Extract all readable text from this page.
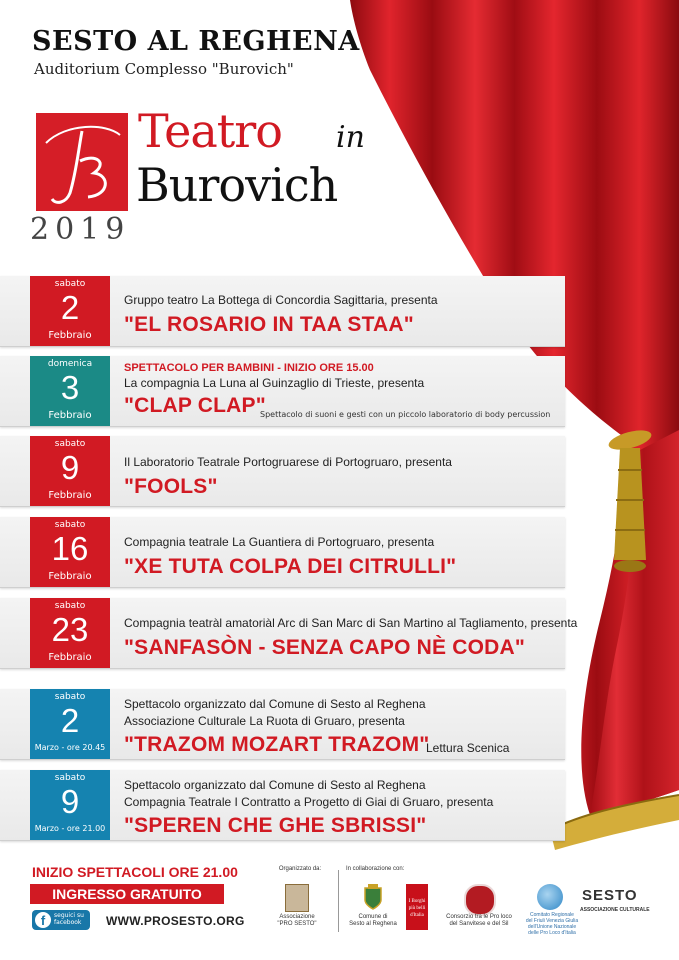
SESTO AL REGHENA
Auditorium Complesso "Burovich"
Teatro in
Burovich
2019
sabato
2
Febbraio
Gruppo teatro La Bottega di Concordia Sagittaria, presenta
"EL ROSARIO IN TAA STAA"
domenica
3
Febbraio
SPETTACOLO PER BAMBINI - INIZIO ORE 15.00
La compagnia La Luna al Guinzaglio di Trieste, presenta
"CLAP CLAP"
Spettacolo di suoni e gesti con un piccolo laboratorio di body percussion
sabato
9
Febbraio
Il Laboratorio Teatrale Portogruarese di Portogruaro, presenta
"FOOLS"
sabato
16
Febbraio
Compagnia teatrale La Guantiera di Portogruaro, presenta
"XE TUTA COLPA DEI CITRULLI"
sabato
23
Febbraio
Compagnia teatràl amatoriàl Arc di San Marc di San Martino al Tagliamento, presenta
"SANFASÒN - SENZA CAPO NÈ CODA"
sabato
2
Marzo - ore 20.45
Spettacolo organizzato dal Comune di Sesto al Reghena
Associazione Culturale La Ruota di Gruaro, presenta
"TRAZOM MOZART TRAZOM"
Lettura Scenica
sabato
9
Marzo - ore 21.00
Spettacolo organizzato dal Comune di Sesto al Reghena
Compagnia Teatrale I Contratto a Progetto di Giai di Gruaro, presenta
"SPEREN CHE GHE SBRISSI"
INIZIO SPETTACOLI ORE 21.00
INGRESSO GRATUITO
f	seguici su
facebook WWW.PROSESTO.ORG
Organizzato da:
Associazione
"PRO SESTO"
In collaborazione con:
Comune di
Sesto al Reghena
I Borghi più belli d'Italia	Consorzio tra le Pro loco
del Sanvitese e del Sil
Comitato Regionale
del Friuli Venezia Giulia
dell'Unione Nazionale
delle Pro Loco d'Italia
SESTO
ASSOCIAZIONE CULTURALE
